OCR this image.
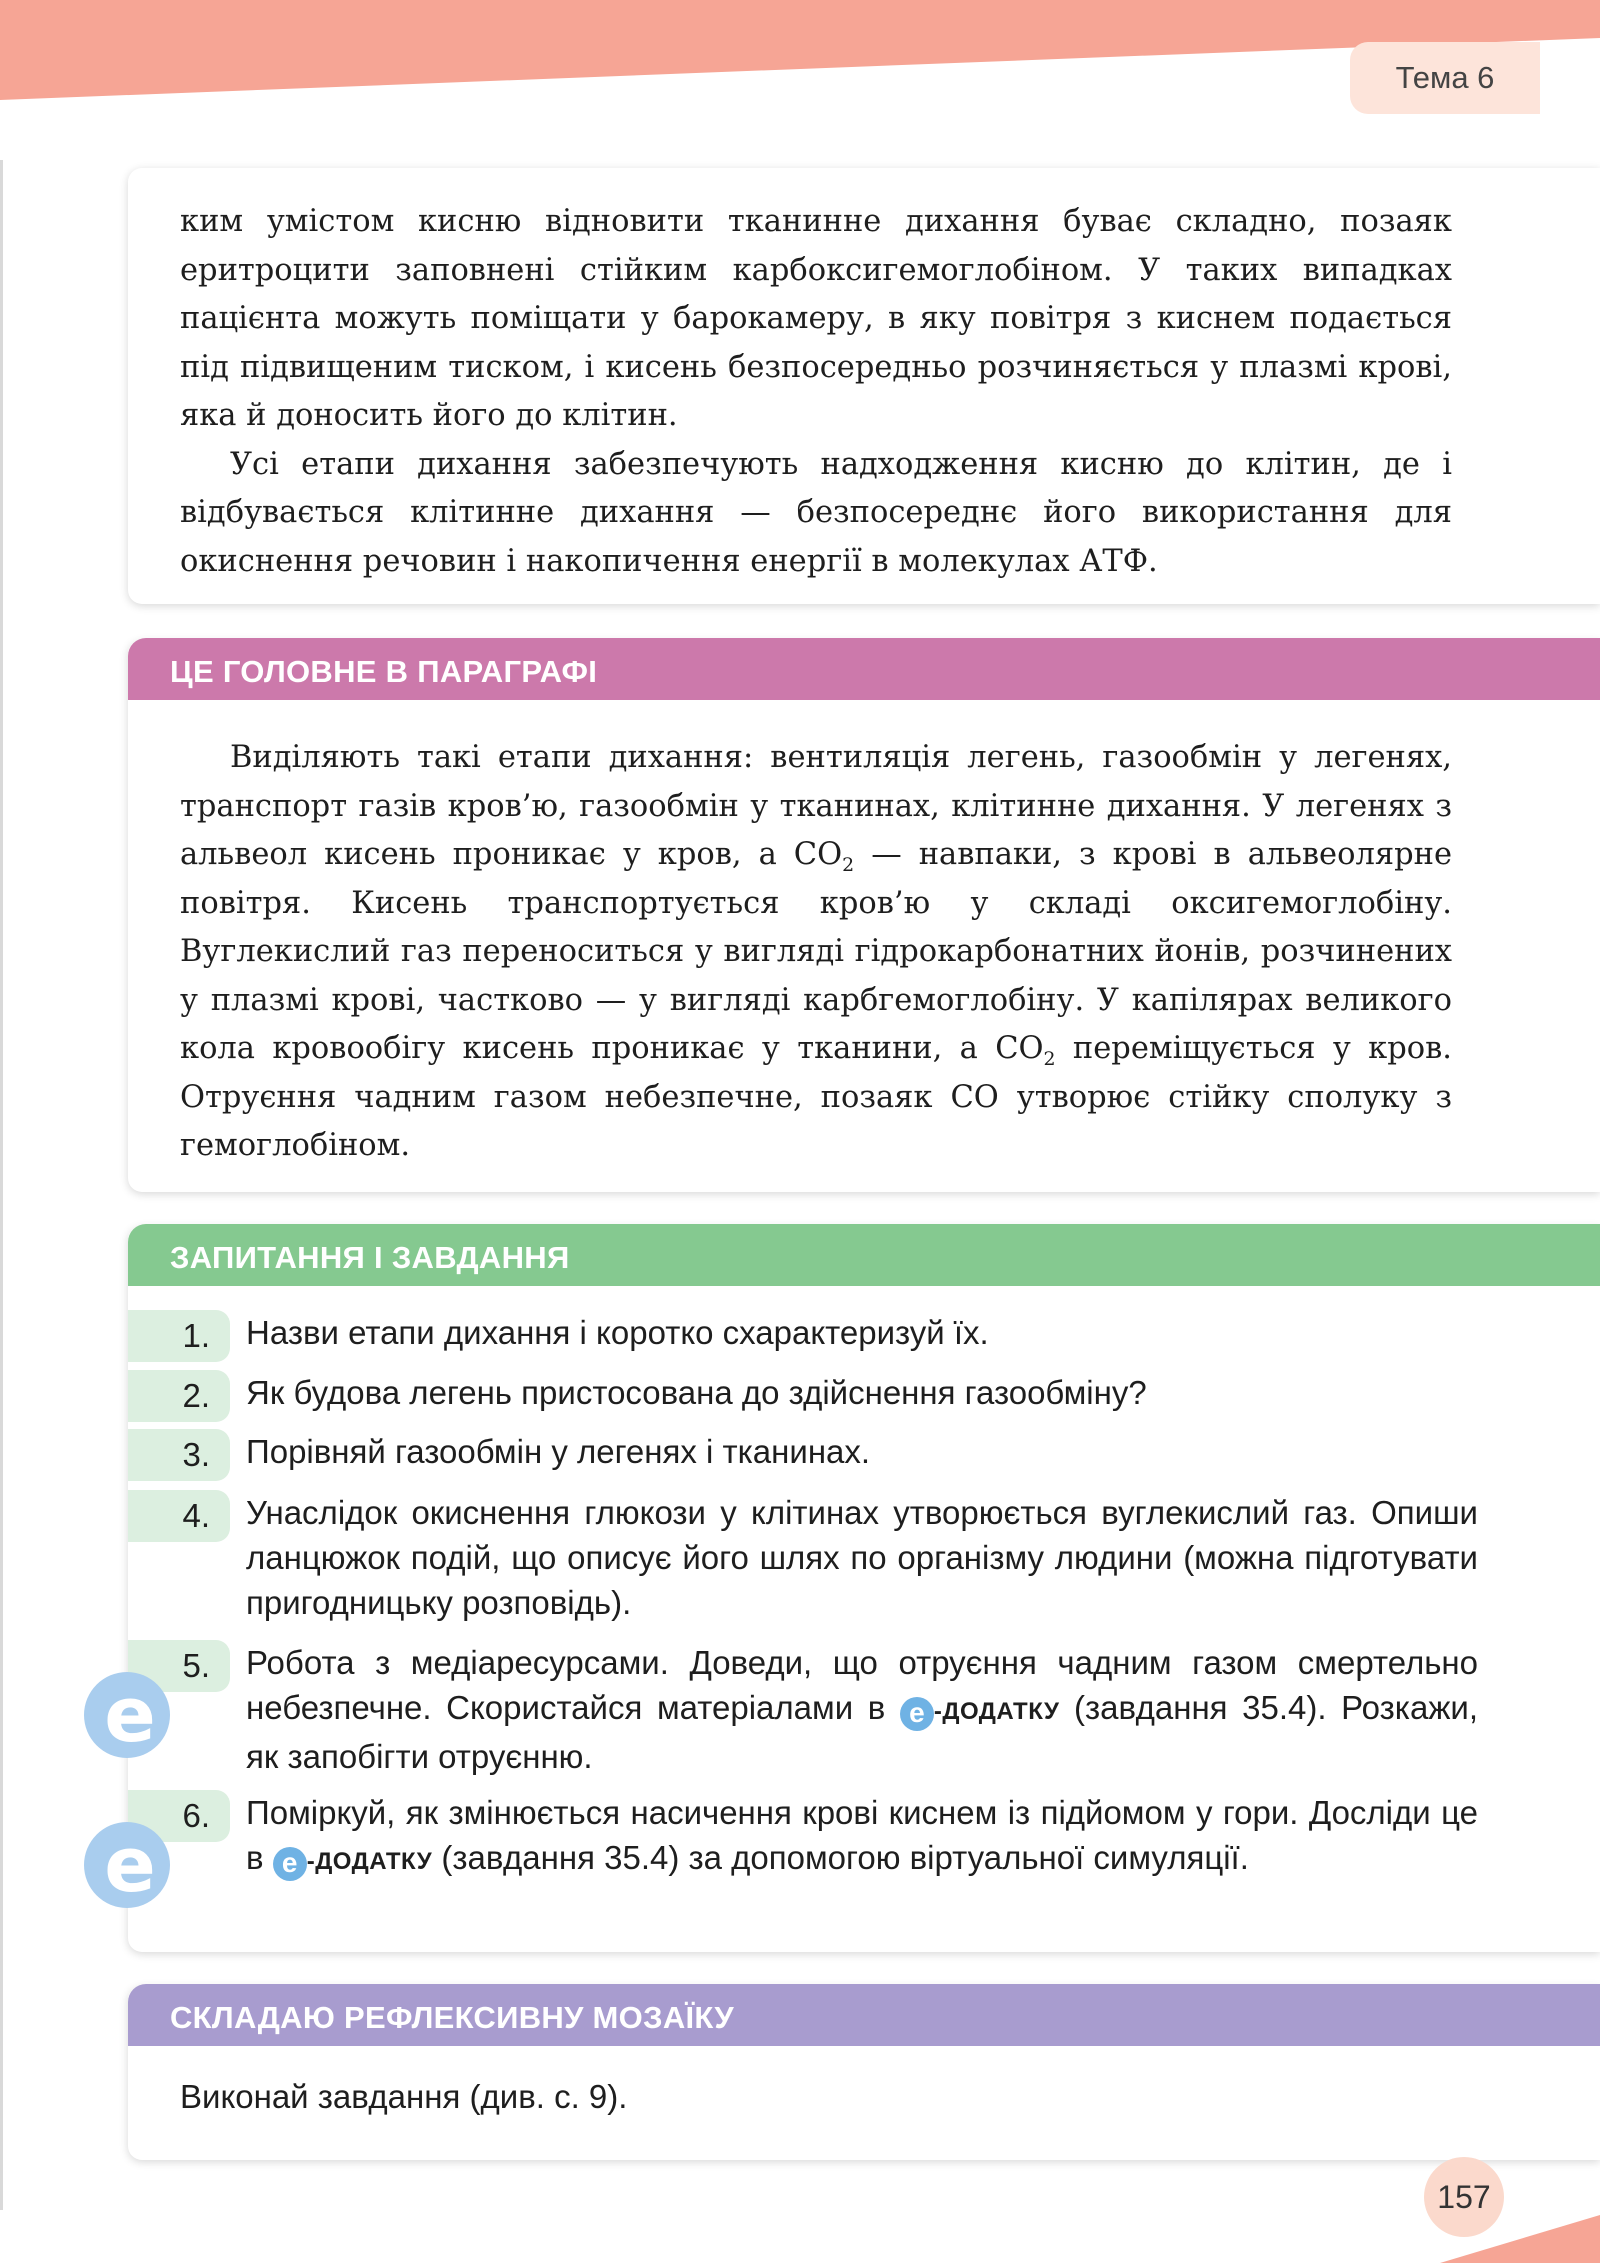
Тема 6

ким умістом кисню відновити тканинне дихання буває складно, позаяк еритроцити заповнені стійким карбоксигемоглобіном. У таких випадках пацієнта можуть поміщати у барокамеру, в яку повітря з киснем подається під підвищеним тиском, і кисень безпосередньо розчиняється у плазмі крові, яка й доносить його до клітин.

Усі етапи дихання забезпечують надходження кисню до клітин, де і відбувається клітинне дихання — безпосереднє його використання для окиснення речовин і накопичення енергії в молекулах АТФ.

ЦЕ ГОЛОВНЕ В ПАРАГРАФІ

Виділяють такі етапи дихання: вентиляція легень, газообмін у легенях, транспорт газів кров’ю, газообмін у тканинах, клітинне дихання. У легенях з альвеол кисень проникає у кров, а $CO_2$ — навпаки, з крові в альвеолярне повітря. Кисень транспортується кров’ю у складі оксигемоглобіну. Вуглекислий газ переноситься у вигляді гідрокарбонатних йонів, розчинених у плазмі крові, частково — у вигляді карбгемоглобіну. У капілярах великого кола кровообігу кисень проникає у тканини, а $CO_2$ переміщується у кров. Отруєння чадним газом небезпечне, позаяк CO утворює стійку сполуку з гемоглобіном.

ЗАПИТАННЯ І ЗАВДАННЯ
1.	Назви етапи дихання і коротко схарактеризуй їх.
2.	Як будова легень пристосована до здійснення газообміну?
3.	Порівняй газообмін у легенях і тканинах.
4.	Унаслідок окиснення глюкози у клітинах утворюється вуглекислий газ. Опиши ланцюжок подій, що описує його шлях по організму людини (можна підготувати пригодницьку розповідь).
5.	Робота з медіаресурсами. Доведи, що отруєння чадним газом смертельно небезпечне. Скористайся матеріалами в e -ДОДАТКУ (завдання 35.4). Розкажи, як запобігти отруєнню.
6.	Поміркуй, як змінюється насичення крові киснем із підйомом у гори. Досліди це в e -ДОДАТКУ (завдання 35.4) за допомогою віртуальної симуляції.
e
e
СКЛАДАЮ РЕФЛЕКСИВНУ МОЗАЇКУ
Виконай завдання (див. с. 9).
157
